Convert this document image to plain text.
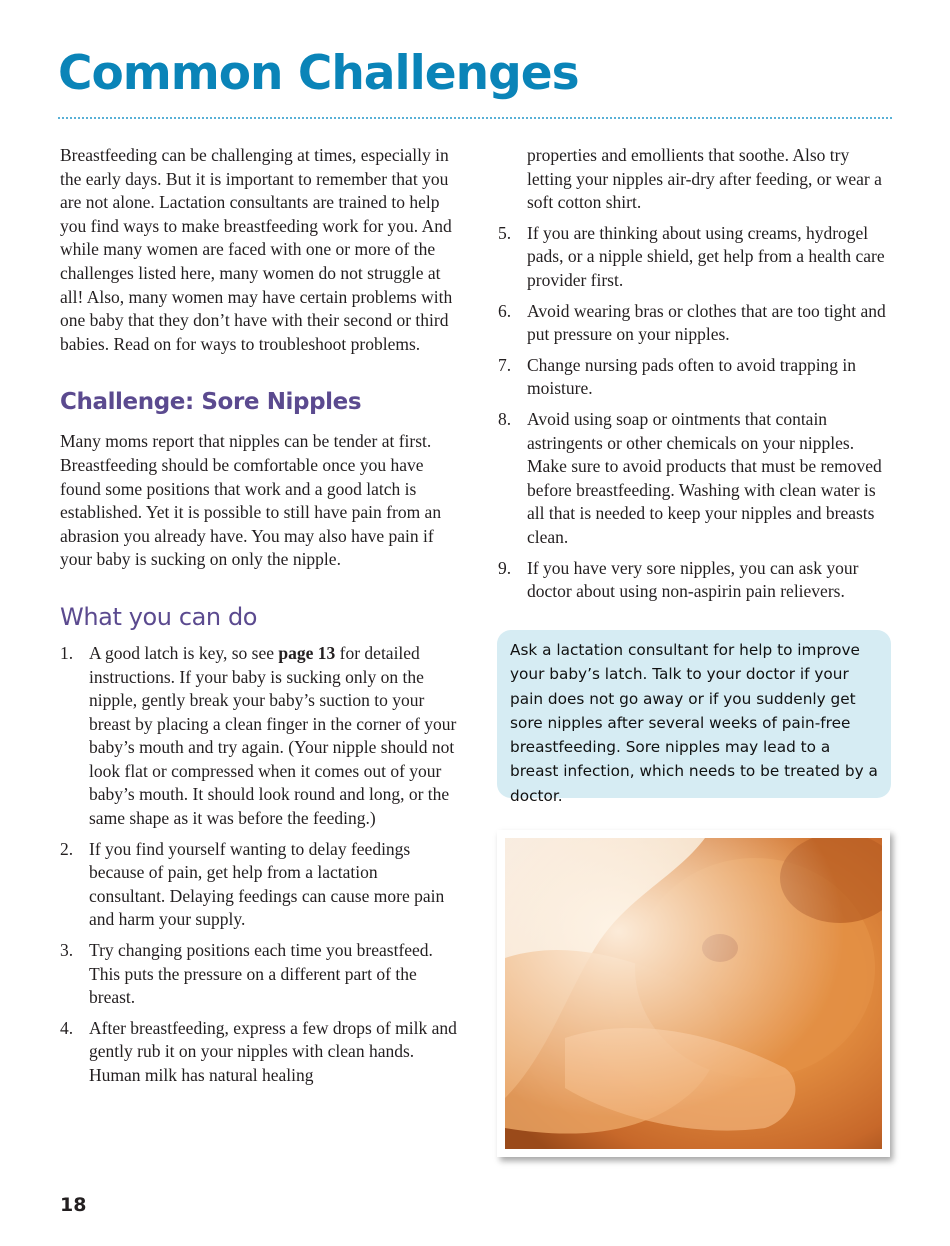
Common Challenges

Breastfeeding can be challenging at times, especially in the early days. But it is important to remember that you are not alone. Lactation consultants are trained to help you find ways to make breastfeeding work for you. And while many women are faced with one or more of the challenges listed here, many women do not struggle at all! Also, many women may have certain problems with one baby that they don’t have with their second or third babies. Read on for ways to troubleshoot problems.

Challenge: Sore Nipples

Many moms report that nipples can be tender at first. Breastfeeding should be comfortable once you have found some positions that work and a good latch is established. Yet it is possible to still have pain from an abrasion you already have. You may also have pain if your baby is sucking on only the nipple.

What you can do
1. A good latch is key, so see page 13 for detailed instructions. If your baby is sucking only on the nipple, gently break your baby’s suction to your breast by placing a clean finger in the corner of your baby’s mouth and try again. (Your nipple should not look flat or compressed when it comes out of your baby’s mouth. It should look round and long, or the same shape as it was before the feeding.)
2. If you find yourself wanting to delay feedings because of pain, get help from a lactation consultant. Delaying feedings can cause more pain and harm your supply.
3. Try changing positions each time you breastfeed. This puts the pressure on a different part of the breast.
4. After breastfeeding, express a few drops of milk and gently rub it on your nipples with clean hands. Human milk has natural healing

properties and emollients that soothe. Also try letting your nipples air-dry after feeding, or wear a soft cotton shirt.

5. If you are thinking about using creams, hydrogel pads, or a nipple shield, get help from a health care provider first.
6. Avoid wearing bras or clothes that are too tight and put pressure on your nipples.
7. Change nursing pads often to avoid trapping in moisture.
8. Avoid using soap or ointments that contain astringents or other chemicals on your nipples. Make sure to avoid products that must be removed before breastfeeding. Washing with clean water is all that is needed to keep your nipples and breasts clean.
9. If you have very sore nipples, you can ask your doctor about using non-aspirin pain relievers.

Ask a lactation consultant for help to improve your baby’s latch. Talk to your doctor if your pain does not go away or if you suddenly get sore nipples after several weeks of pain-free breastfeeding. Sore nipples may lead to a breast infection, which needs to be treated by a doctor.

18
